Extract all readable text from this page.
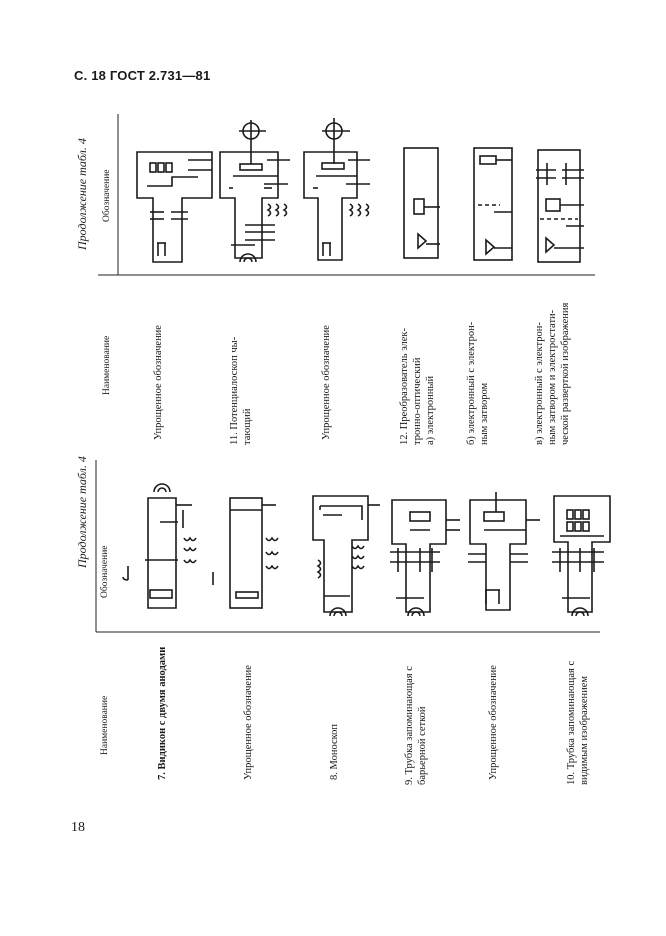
С. 18 ГОСТ 2.731—81
18
Продолжение табл. 4 Обозначение
Наименование	Упрощенное обозначение	11. Потенциалоскоп чы- тающий	Упрощенное обозначение	12. Преобразователь элек- тронно-оптический а) электронный	б) электронный с электрон- ным затвором	в) электронный с электрон- ным затвором и электростати- ческой разверткой изображения
Продолжение табл. 4
Обозначение
Наименование	7. Видикон с двумя анодами	Упрощенное обозначение	8. Моноскоп	9. Трубка запоминающая с барьерной сеткой	Упрощенное обозначение	10. Трубка запоминающая с видимым изображением
